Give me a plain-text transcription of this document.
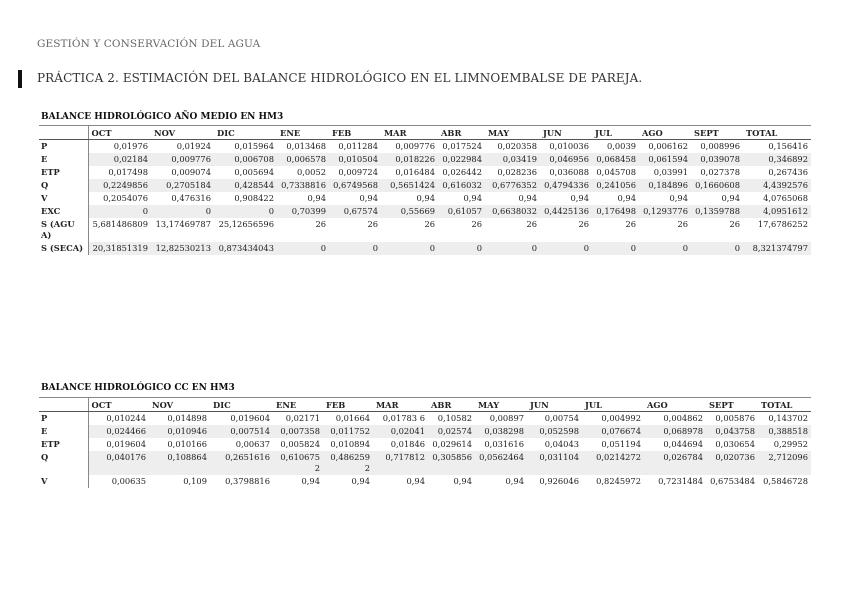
GESTIÓN Y CONSERVACIÓN DEL AGUA
PRÁCTICA 2. ESTIMACIÓN DEL BALANCE HIDROLÓGICO EN EL LIMNOEMBALSE DE PAREJA.
BALANCE HIDROLÓGICO AÑO MEDIO EN HM3
	OCT	NOV	DIC	ENE	FEB	MAR	ABR	MAY	JUN	JUL	AGO	SEPT	TOTAL
P	0,01976	0,01924	0,015964	0,013468	0,011284	0,009776	0,017524	0,020358	0,010036	0,0039	0,006162	0,008996	0,156416
E	0,02184	0,009776	0,006708	0,006578	0,010504	0,018226	0,022984	0,03419	0,046956	0,068458	0,061594	0,039078	0,346892
ETP	0,017498	0,009074	0,005694	0,0052	0,009724	0,016484	0,026442	0,028236	0,036088	0,045708	0,03991	0,027378	0,267436
Q	0,2249856	0,2705184	0,428544	0,7338816	0,6749568	0,5651424	0,616032	0,6776352	0,4794336	0,241056	0,184896	0,1660608	4,4392576
V	0,2054076	0,476316	0,908422	0,94	0,94	0,94	0,94	0,94	0,94	0,94	0,94	0,94	4,0765068
EXC	0	0	0	0,70399	0,67574	0,55669	0,61057	0,6638032	0,4425136	0,176498	0,1293776	0,1359788	4,0951612
S (AGUA)	5,681486809	13,17469787	25,12656596	26	26	26	26	26	26	26	26	26	17,6786252
S (SECA)	20,31851319	12,82530213	0,873434043	0	0	0	0	0	0	0	0	0	8,321374797
BALANCE HIDROLÓGICO CC EN HM3
	OCT	NOV	DIC	ENE	FEB	MAR	ABR	MAY	JUN	JUL	AGO	SEPT	TOTAL
P	0,010244	0,014898	0,019604	0,02171	0,01664	0,01783 6	0,10582	0,00897	0,00754	0,004992	0,004862	0,005876	0,143702
E	0,024466	0,010946	0,007514	0,007358	0,011752	0,02041	0,02574	0,038298	0,052598	0,076674	0,068978	0,043758	0,388518
ETP	0,019604	0,010166	0,00637	0,005824	0,010894	0,01846	0,029614	0,031616	0,04043	0,051194	0,044694	0,030654	0,29952
Q	0,040176	0,108864	0,2651616	0,6106752	0,4862592	0,717812	0,305856	0,0562464	0,031104	0,0214272	0,026784	0,020736	2,712096
V	0,00635	0,109	0,3798816	0,94	0,94	0,94	0,94	0,94	0,926046	0,8245972	0,7231484	0,6753484	0,5846728
